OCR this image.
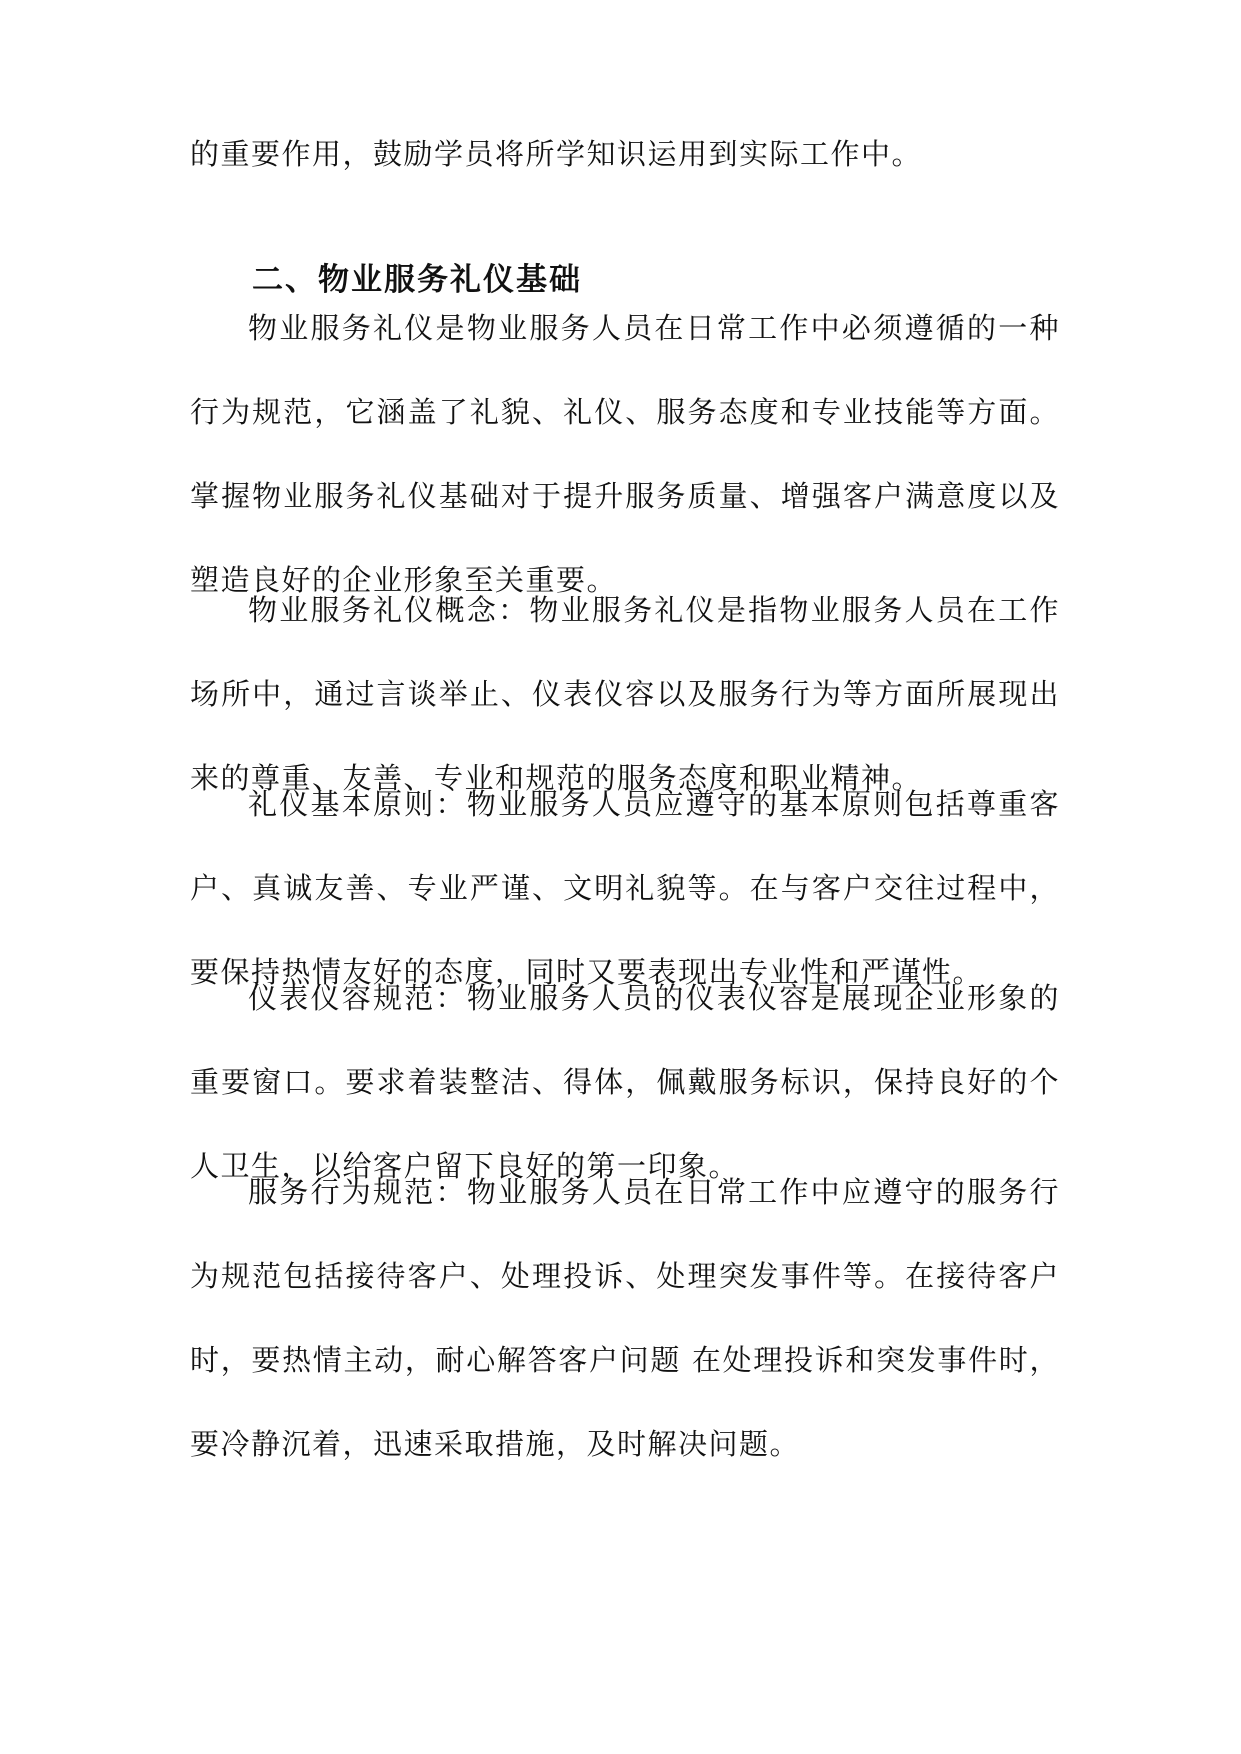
的重要作用，鼓励学员将所学知识运用到实际工作中。

二、物业服务礼仪基础

物业服务礼仪是物业服务人员在日常工作中必须遵循的一种行为规范，它涵盖了礼貌、礼仪、服务态度和专业技能等方面。掌握物业服务礼仪基础对于提升服务质量、增强客户满意度以及塑造良好的企业形象至关重要。

物业服务礼仪概念：物业服务礼仪是指物业服务人员在工作场所中，通过言谈举止、仪表仪容以及服务行为等方面所展现出来的尊重、友善、专业和规范的服务态度和职业精神。

礼仪基本原则：物业服务人员应遵守的基本原则包括尊重客户、真诚友善、专业严谨、文明礼貌等。在与客户交往过程中，要保持热情友好的态度，同时又要表现出专业性和严谨性。

仪表仪容规范：物业服务人员的仪表仪容是展现企业形象的重要窗口。要求着装整洁、得体，佩戴服务标识，保持良好的个人卫生，以给客户留下良好的第一印象。

服务行为规范：物业服务人员在日常工作中应遵守的服务行为规范包括接待客户、处理投诉、处理突发事件等。在接待客户时，要热情主动，耐心解答客户问题 在处理投诉和突发事件时，要冷静沉着，迅速采取措施，及时解决问题。
